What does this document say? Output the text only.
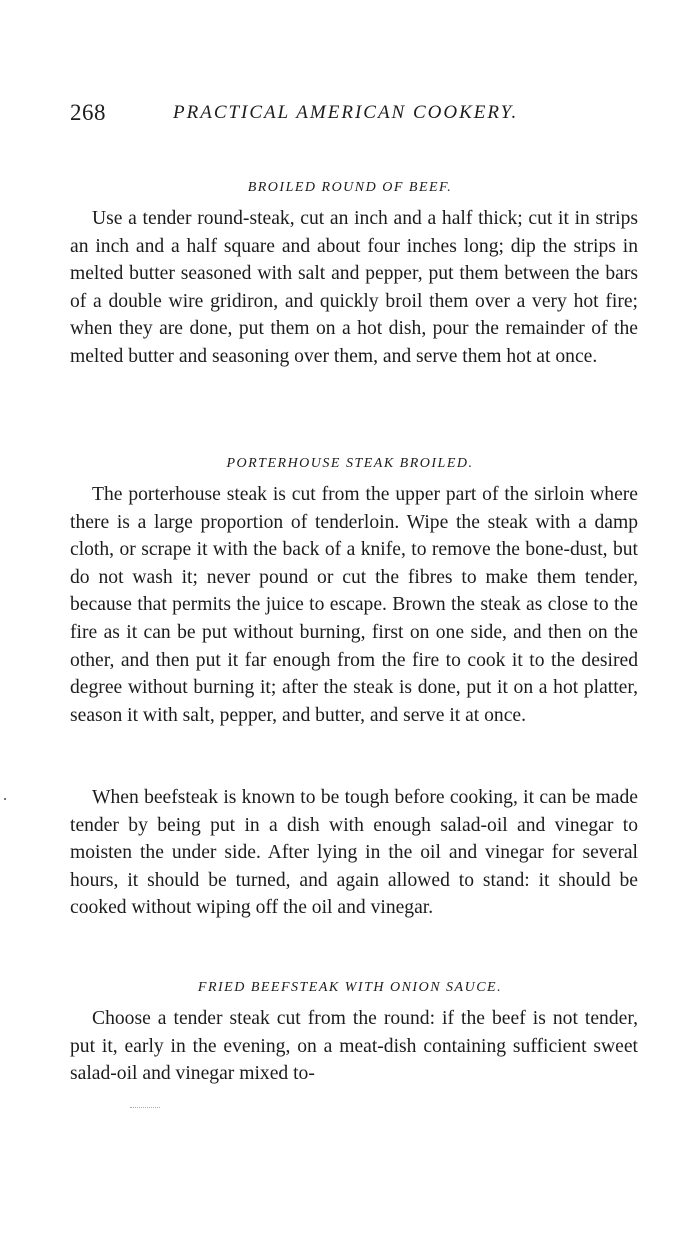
268	PRACTICAL AMERICAN COOKERY.
BROILED ROUND OF BEEF.

Use a tender round-steak, cut an inch and a half thick; cut it in strips an inch and a half square and about four inches long; dip the strips in melted butter seasoned with salt and pepper, put them between the bars of a double wire gridiron, and quickly broil them over a very hot fire; when they are done, put them on a hot dish, pour the remainder of the melted butter and seasoning over them, and serve them hot at once.

PORTERHOUSE STEAK BROILED.

The porterhouse steak is cut from the upper part of the sirloin where there is a large proportion of tenderloin. Wipe the steak with a damp cloth, or scrape it with the back of a knife, to remove the bone-dust, but do not wash it; never pound or cut the fibres to make them tender, because that permits the juice to escape. Brown the steak as close to the fire as it can be put without burning, first on one side, and then on the other, and then put it far enough from the fire to cook it to the desired degree without burning it; after the steak is done, put it on a hot platter, season it with salt, pepper, and butter, and serve it at once.

When beefsteak is known to be tough before cooking, it can be made tender by being put in a dish with enough salad-oil and vinegar to moisten the under side. After lying in the oil and vinegar for several hours, it should be turned, and again allowed to stand: it should be cooked without wiping off the oil and vinegar.

FRIED BEEFSTEAK WITH ONION SAUCE.

Choose a tender steak cut from the round: if the beef is not tender, put it, early in the evening, on a meat-dish containing sufficient sweet salad-oil and vinegar mixed to-
